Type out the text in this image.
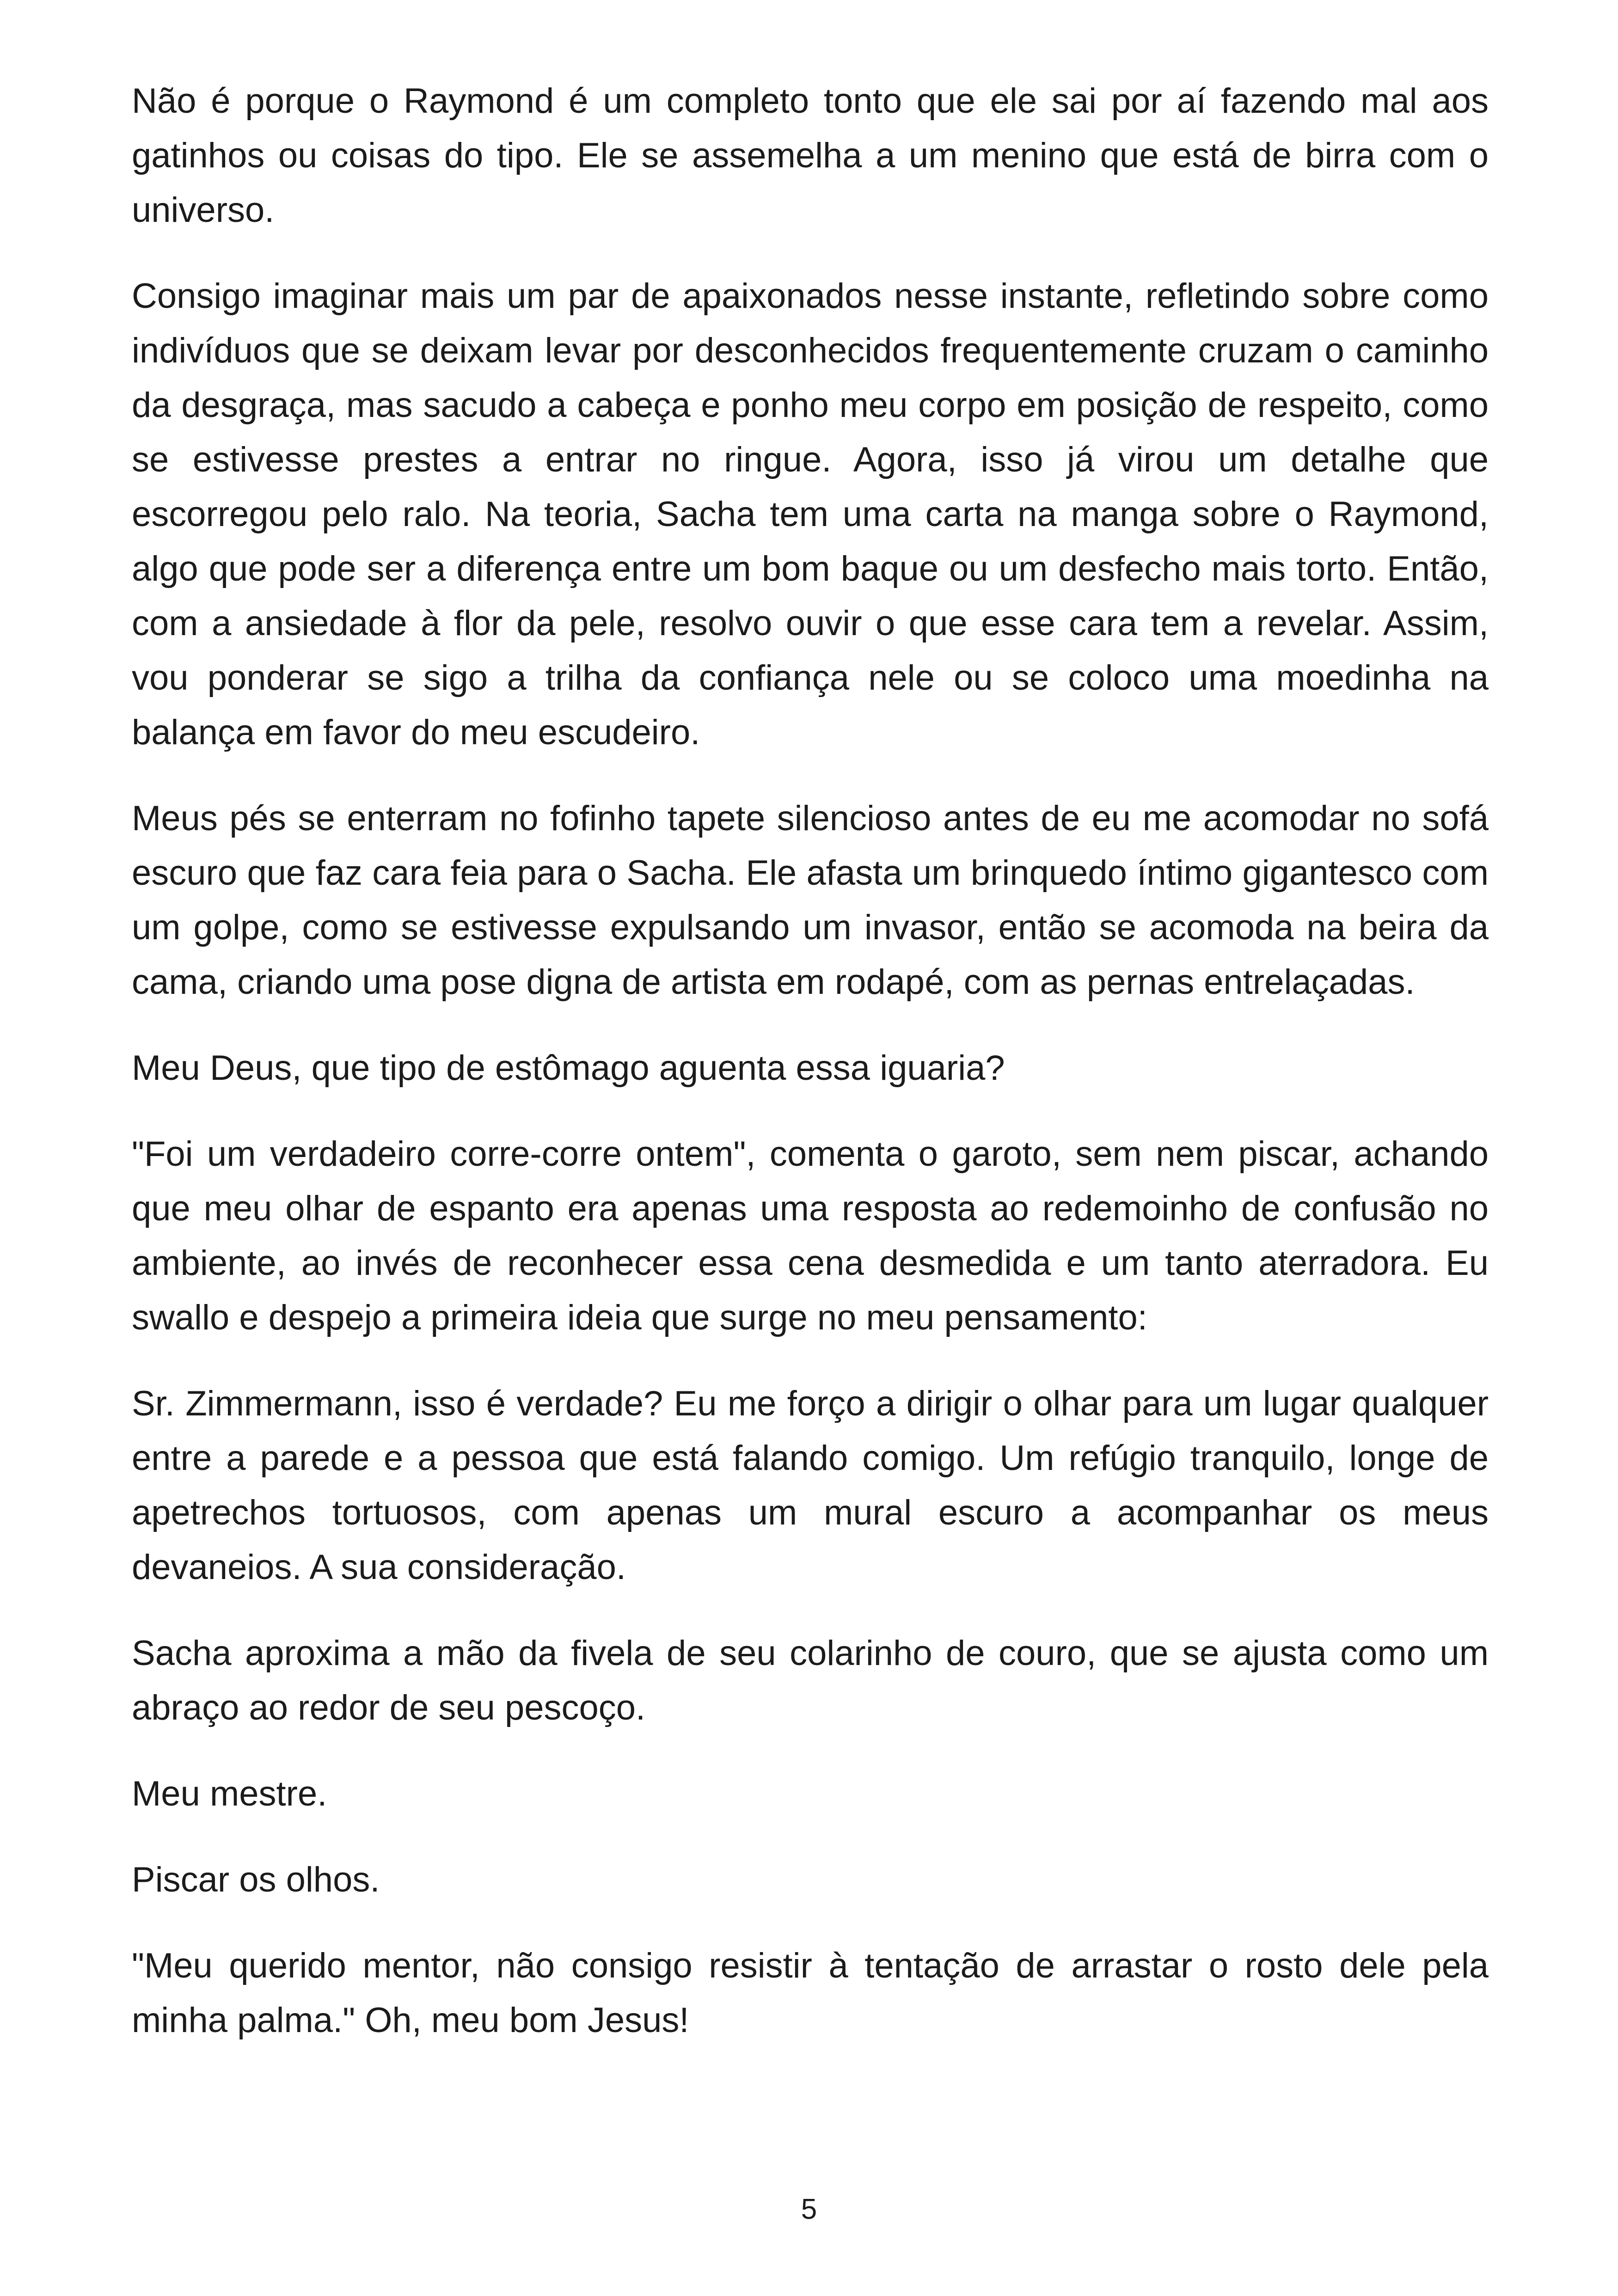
Não é porque o Raymond é um completo tonto que ele sai por aí fazendo mal aos gatinhos ou coisas do tipo. Ele se assemelha a um menino que está de birra com o universo.

Consigo imaginar mais um par de apaixonados nesse instante, refletindo sobre como indivíduos que se deixam levar por desconhecidos frequentemente cruzam o caminho da desgraça, mas sacudo a cabeça e ponho meu corpo em posição de respeito, como se estivesse prestes a entrar no ringue. Agora, isso já virou um detalhe que escorregou pelo ralo. Na teoria, Sacha tem uma carta na manga sobre o Raymond, algo que pode ser a diferença entre um bom baque ou um desfecho mais torto. Então, com a ansiedade à flor da pele, resolvo ouvir o que esse cara tem a revelar. Assim, vou ponderar se sigo a trilha da confiança nele ou se coloco uma moedinha na balança em favor do meu escudeiro.

Meus pés se enterram no fofinho tapete silencioso antes de eu me acomodar no sofá escuro que faz cara feia para o Sacha. Ele afasta um brinquedo íntimo gigantesco com um golpe, como se estivesse expulsando um invasor, então se acomoda na beira da cama, criando uma pose digna de artista em rodapé, com as pernas entrelaçadas.

Meu Deus, que tipo de estômago aguenta essa iguaria?

"Foi um verdadeiro corre-corre ontem", comenta o garoto, sem nem piscar, achando que meu olhar de espanto era apenas uma resposta ao redemoinho de confusão no ambiente, ao invés de reconhecer essa cena desmedida e um tanto aterradora. Eu swallo e despejo a primeira ideia que surge no meu pensamento:

Sr. Zimmermann, isso é verdade? Eu me forço a dirigir o olhar para um lugar qualquer entre a parede e a pessoa que está falando comigo. Um refúgio tranquilo, longe de apetrechos tortuosos, com apenas um mural escuro a acompanhar os meus devaneios. A sua consideração.

Sacha aproxima a mão da fivela de seu colarinho de couro, que se ajusta como um abraço ao redor de seu pescoço.

Meu mestre.

Piscar os olhos.

"Meu querido mentor, não consigo resistir à tentação de arrastar o rosto dele pela minha palma." Oh, meu bom Jesus!

5
